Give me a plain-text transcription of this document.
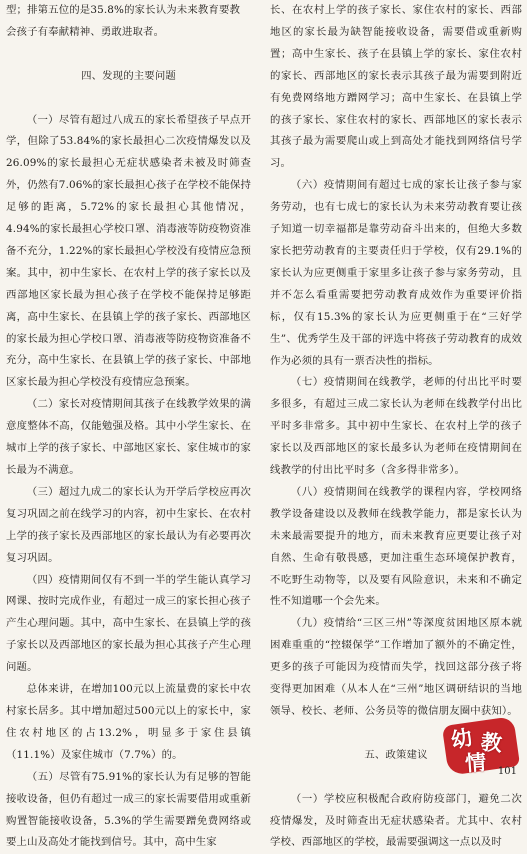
型；排第五位的是35.8%的家长认为未来教育要教

会孩子有奉献精神、勇敢进取者。

四、发现的主要问题

（一）尽管有超过八成五的家长希望孩子早点开学，但除了53.84%的家长最担心二次疫情爆发以及26.09%的家长最担心无症状感染者未被及时筛查外，仍然有7.06%的家长最担心孩子在学校不能保持足够的距离，5.72%的家长最担心其他情况，4.94%的家长最担心学校口罩、消毒液等防疫物资准备不充分，1.22%的家长最担心学校没有疫情应急预案。其中，初中生家长、在农村上学的孩子家长以及西部地区家长最为担心孩子在学校不能保持足够距离，高中生家长、在县镇上学的孩子家长、西部地区的家长最为担心学校口罩、消毒液等防疫物资准备不充分，高中生家长、在县镇上学的孩子家长、中部地区家长最为担心学校没有疫情应急预案。

（二）家长对疫情期间其孩子在线教学效果的满意度整体不高，仅能勉强及格。其中小学生家长、在城市上学的孩子家长、中部地区家长、家住城市的家长最为不满意。

（三）超过九成二的家长认为开学后学校应再次复习巩固之前在线学习的内容，初中生家长、在农村上学的孩子家长及西部地区的家长最认为有必要再次复习巩固。

（四）疫情期间仅有不到一半的学生能认真学习网课、按时完成作业，有超过一成三的家长担心孩子产生心理问题。其中，高中生家长、在县镇上学的孩子家长以及西部地区的家长最为担心其孩子产生心理问题。

总体来讲，在增加100元以上流量费的家长中农村家长居多。其中增加超过500元以上的家长中，家住农村地区的占13.2%，明显多于家住县镇（11.1%）及家住城市（7.7%）的。

（五）尽管有75.91%的家长认为有足够的智能接收设备，但仍有超过一成三的家长需要借用或重新购置智能接收设备，5.3%的学生需要蹭免费网络或要上山及高处才能找到信号。其中，高中生家

长、在农村上学的孩子家长、家住农村的家长、西部地区的家长最为缺智能接收设备，需要借或重新购置；高中生家长、孩子在县镇上学的家长、家住农村的家长、西部地区的家长表示其孩子最为需要到附近有免费网络地方蹭网学习；高中生家长、在县镇上学的孩子家长、家住农村的家长、西部地区的家长表示其孩子最为需要爬山或上到高处才能找到网络信号学习。

（六）疫情期间有超过七成的家长让孩子参与家务劳动，也有七成七的家长认为未来劳动教育要让孩子知道一切幸福都是靠劳动奋斗出来的，但绝大多数家长把劳动教育的主要责任归于学校，仅有29.1%的家长认为应更侧重于家里多让孩子参与家务劳动，且并不怎么看重需要把劳动教育成效作为重要评价指标，仅有15.3%的家长认为应更侧重于在“三好学生”、优秀学生及干部的评选中将孩子劳动教育的成效作为必须的具有一票否决性的指标。

（七）疫情期间在线教学，老师的付出比平时要多很多，有超过三成二家长认为老师在线教学付出比平时多非常多。其中初中生家长、在农村上学的孩子家长以及西部地区的家长最多认为老师在疫情期间在线教学的付出比平时多（含多得非常多）。

（八）疫情期间在线教学的课程内容，学校网络教学设备建设以及教师在线教学能力，都是家长认为未来最需要提升的地方，而未来教育应更要让孩子对自然、生命有敬畏感，更加注重生态环境保护教育，不吃野生动物等，以及要有风险意识，未来和不确定性不知道哪一个会先来。

（九）疫情给“三区三州”等深度贫困地区原本就困难重重的“控辍保学”工作增加了额外的不确定性，更多的孩子可能因为疫情而失学，找回这部分孩子将变得更加困难（从本人在“三州”地区调研结识的当地领导、校长、老师、公务员等的微信朋友圈中获知）。

五、政策建议

（一）学校应积极配合政府防疫部门，避免二次疫情爆发，及时筛查出无症状感染者。尤其中、农村学校、西部地区的学校，最需要强调这一点以及时

幼 教
情 101
